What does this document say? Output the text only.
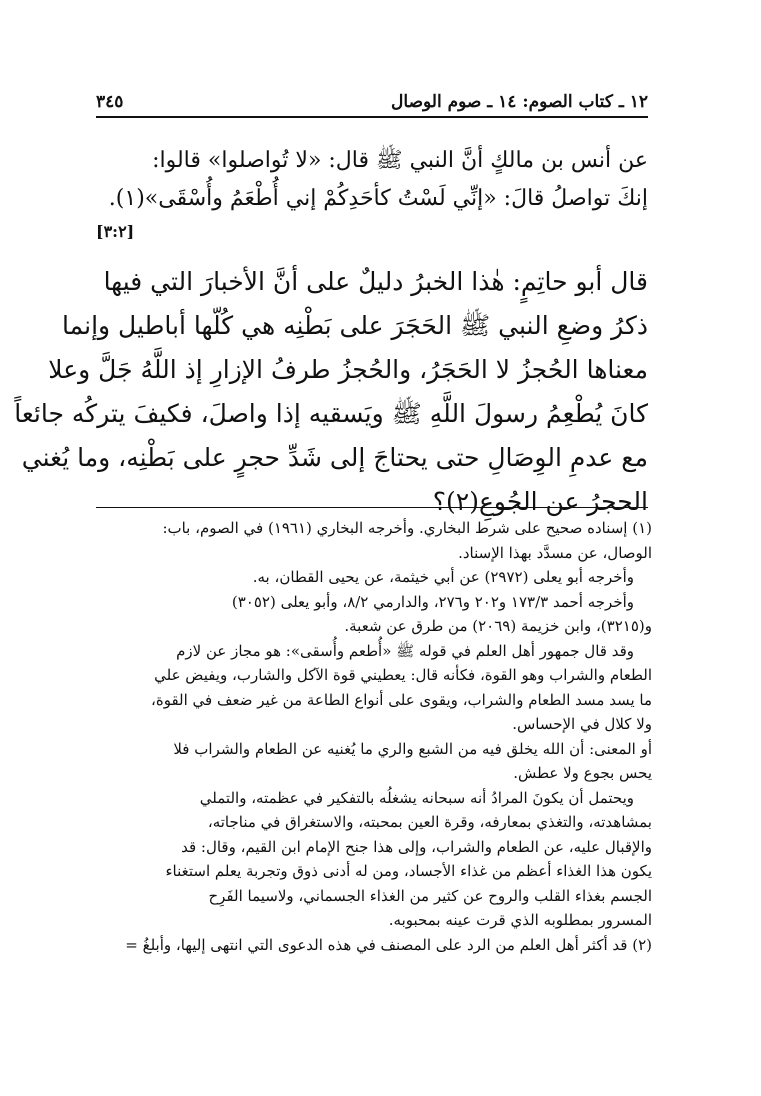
١٢ ـ كتاب الصوم: ١٤ ـ صوم الوصال
٣٤٥
عن أنس بن مالكٍ أنَّ النبي ﷺ قال: «لا تُواصلوا» قالوا:
إنكَ تواصلُ قالَ: «إنِّي لَسْتُ كأحَدِكُمْ إني أُطْعَمُ وأُسْقَى»(١).
[٣:٢]
قال أبو حاتِمٍ: هٰذا الخبرُ دليلٌ على أنَّ الأخبارَ التي فيها
ذكرُ وضعِ النبي ﷺ الحَجَرَ على بَطْنِه هي كُلّها أباطيل وإنما
معناها الحُجزُ لا الحَجَرُ، والحُجزُ طرفُ الإزارِ إذ اللَّهُ جَلَّ وعلا
كانَ يُطْعِمُ رسولَ اللَّهِ ﷺ ويَسقيه إذا واصلَ، فكيفَ يتركُه جائعاً
مع عدمِ الوِصَالِ حتى يحتاجَ إلى شَدِّ حجرٍ على بَطْنِه، وما يُغني
الحجرُ عن الجُوعِ(٢)؟
(١) إسناده صحيح على شرط البخاري. وأخرجه البخاري (١٩٦١) في الصوم، باب:
الوصال، عن مسدَّد بهذا الإسناد.
وأخرجه أبو يعلى (٢٩٧٢) عن أبي خيثمة، عن يحيى القطان، به.
وأخرجه أحمد ١٧٣/٣ و٢٠٢ و٢٧٦، والدارمي ٨/٢، وأبو يعلى (٣٠٥٢)
و(٣٢١٥)، وابن خزيمة (٢٠٦٩) من طرق عن شعبة.
وقد قال جمهور أهل العلم في قوله ﷺ «أُطعم وأُسقى»: هو مجاز عن لازم
الطعام والشراب وهو القوة، فكأنه قال: يعطيني قوة الآكل والشارب، ويفيض علي
ما يسد مسد الطعام والشراب، ويقوى على أنواع الطاعة من غير ضعف في القوة،
ولا كلال في الإحساس.
أو المعنى: أن الله يخلق فيه من الشبع والري ما يُغنيه عن الطعام والشراب فلا
يحس بجوع ولا عطش.
ويحتمل أن يكونَ المرادُ أنه سبحانه يشغلُه بالتفكير في عظمته، والتملي
بمشاهدته، والتغذي بمعارفه، وقرة العين بمحبته، والاستغراق في مناجاته،
والإقبال عليه، عن الطعام والشراب، وإلى هذا جنح الإمام ابن القيم، وقال: قد
يكون هذا الغذاء أعظم من غذاء الأجساد، ومن له أدنى ذوق وتجربة يعلم استغناء
الجسم بغذاء القلب والروح عن كثير من الغذاء الجسماني، ولاسيما الفَرِح
المسرور بمطلوبه الذي قرت عينه بمحبوبه.
(٢) قد أكثر أهل العلم من الرد على المصنف في هذه الدعوى التي انتهى إليها، وأبلغُ =
